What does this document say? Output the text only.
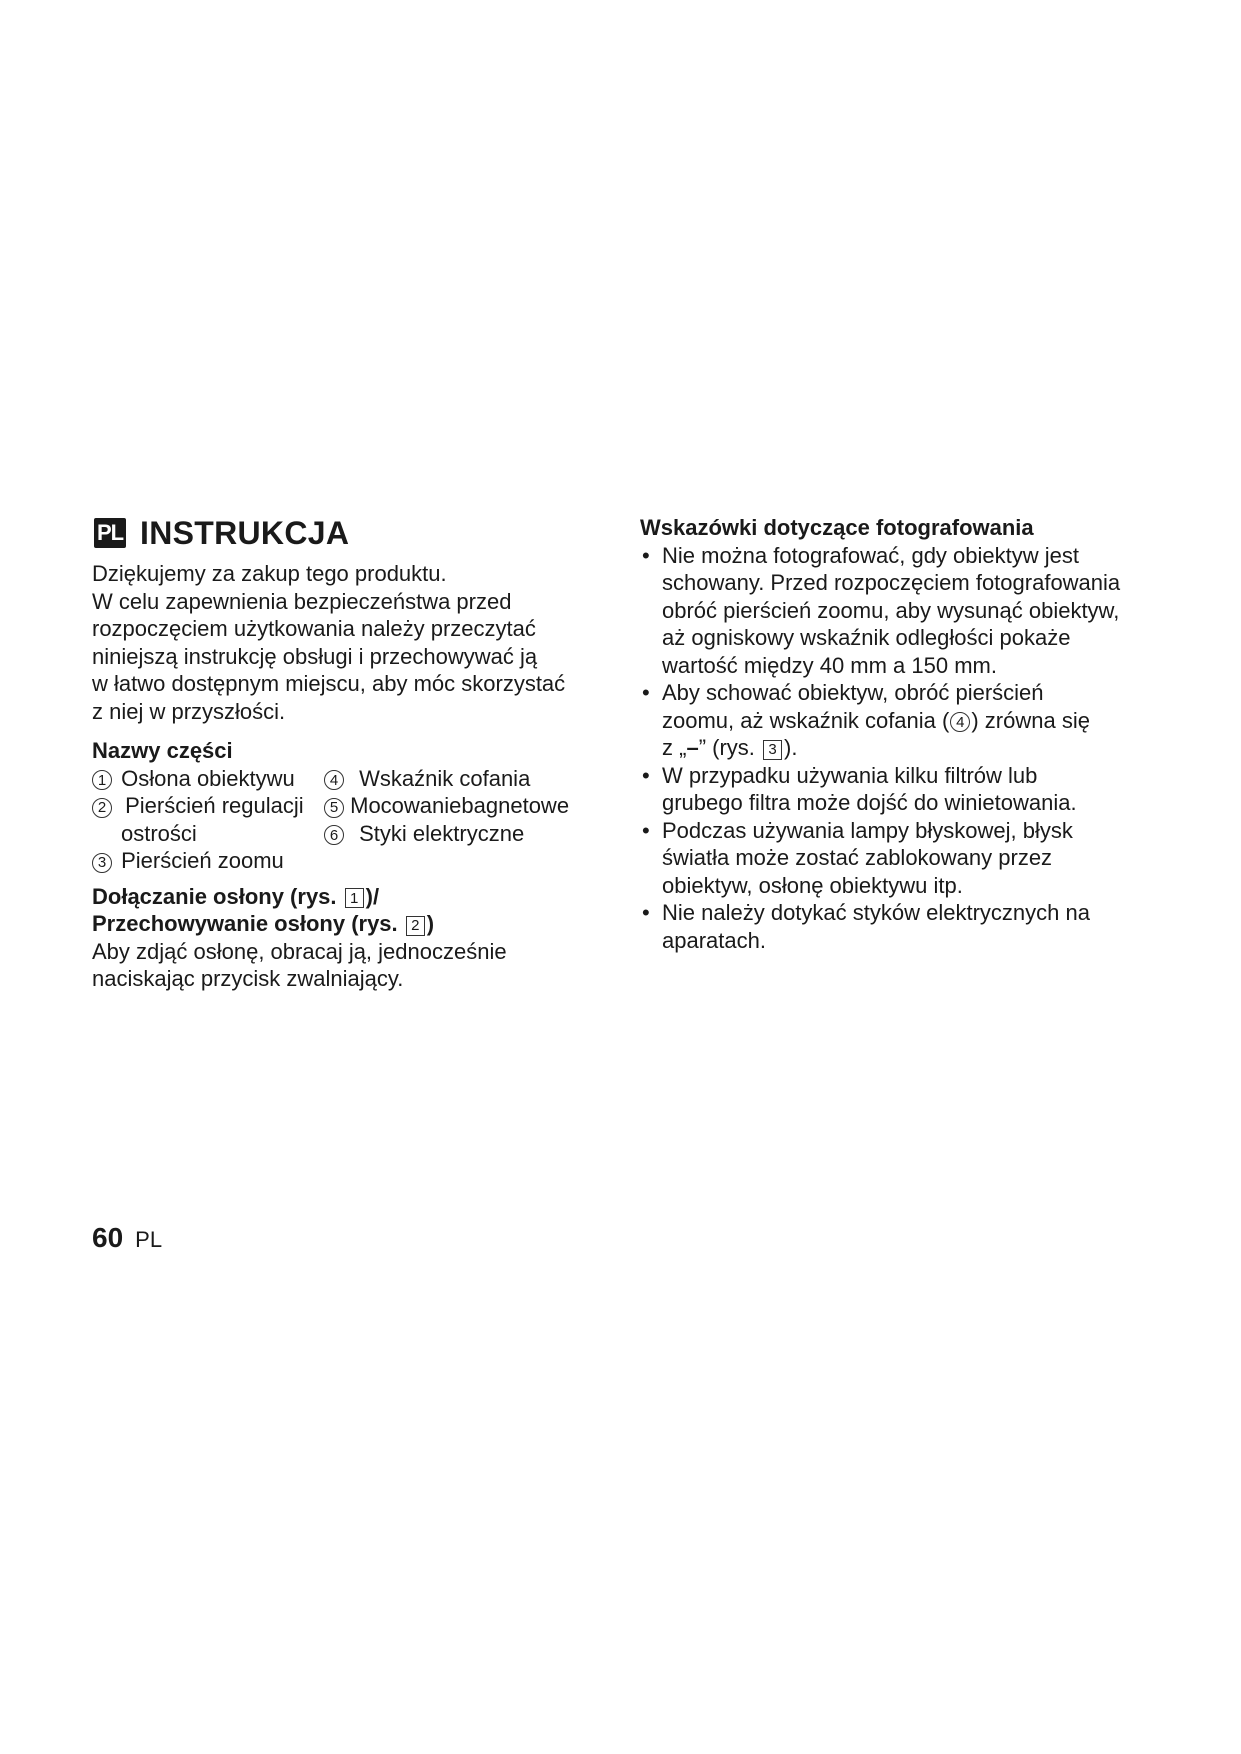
PL INSTRUKCJA

Dziękujemy za zakup tego produktu.

W celu zapewnienia bezpieczeństwa przed

rozpoczęciem użytkowania należy przeczytać

niniejszą instrukcję obsługi i przechowywać ją

w łatwo dostępnym miejscu, aby móc skorzystać

z niej w przyszłości.

Nazwy części

1 Osłona obiektywu
2 Pierścień regulacji
ostrości
3 Pierścień zoomu
4 Wskaźnik cofania
5 Mocowaniebagnetowe
6 Styki elektryczne

Dołączanie osłony (rys. 1 )/

Przechowywanie osłony (rys. 2 )

Aby zdjąć osłonę, obracaj ją, jednocześnie

naciskając przycisk zwalniający.

Wskazówki dotyczące fotografowania

• Nie można fotografować, gdy obiektyw jest
schowany. Przed rozpoczęciem fotografowania
obróć pierścień zoomu, aby wysunąć obiektyw,
aż ogniskowy wskaźnik odległości pokaże
wartość między 40 mm a 150 mm.
• Aby schować obiektyw, obróć pierścień
zoomu, aż wskaźnik cofania ( 4 ) zrówna się
z „–” (rys. 3 ).
• W przypadku używania kilku filtrów lub
grubego filtra może dojść do winietowania.
• Podczas używania lampy błyskowej, błysk
światła może zostać zablokowany przez
obiektyw, osłonę obiektywu itp.
• Nie należy dotykać styków elektrycznych na
aparatach.
60 PL
